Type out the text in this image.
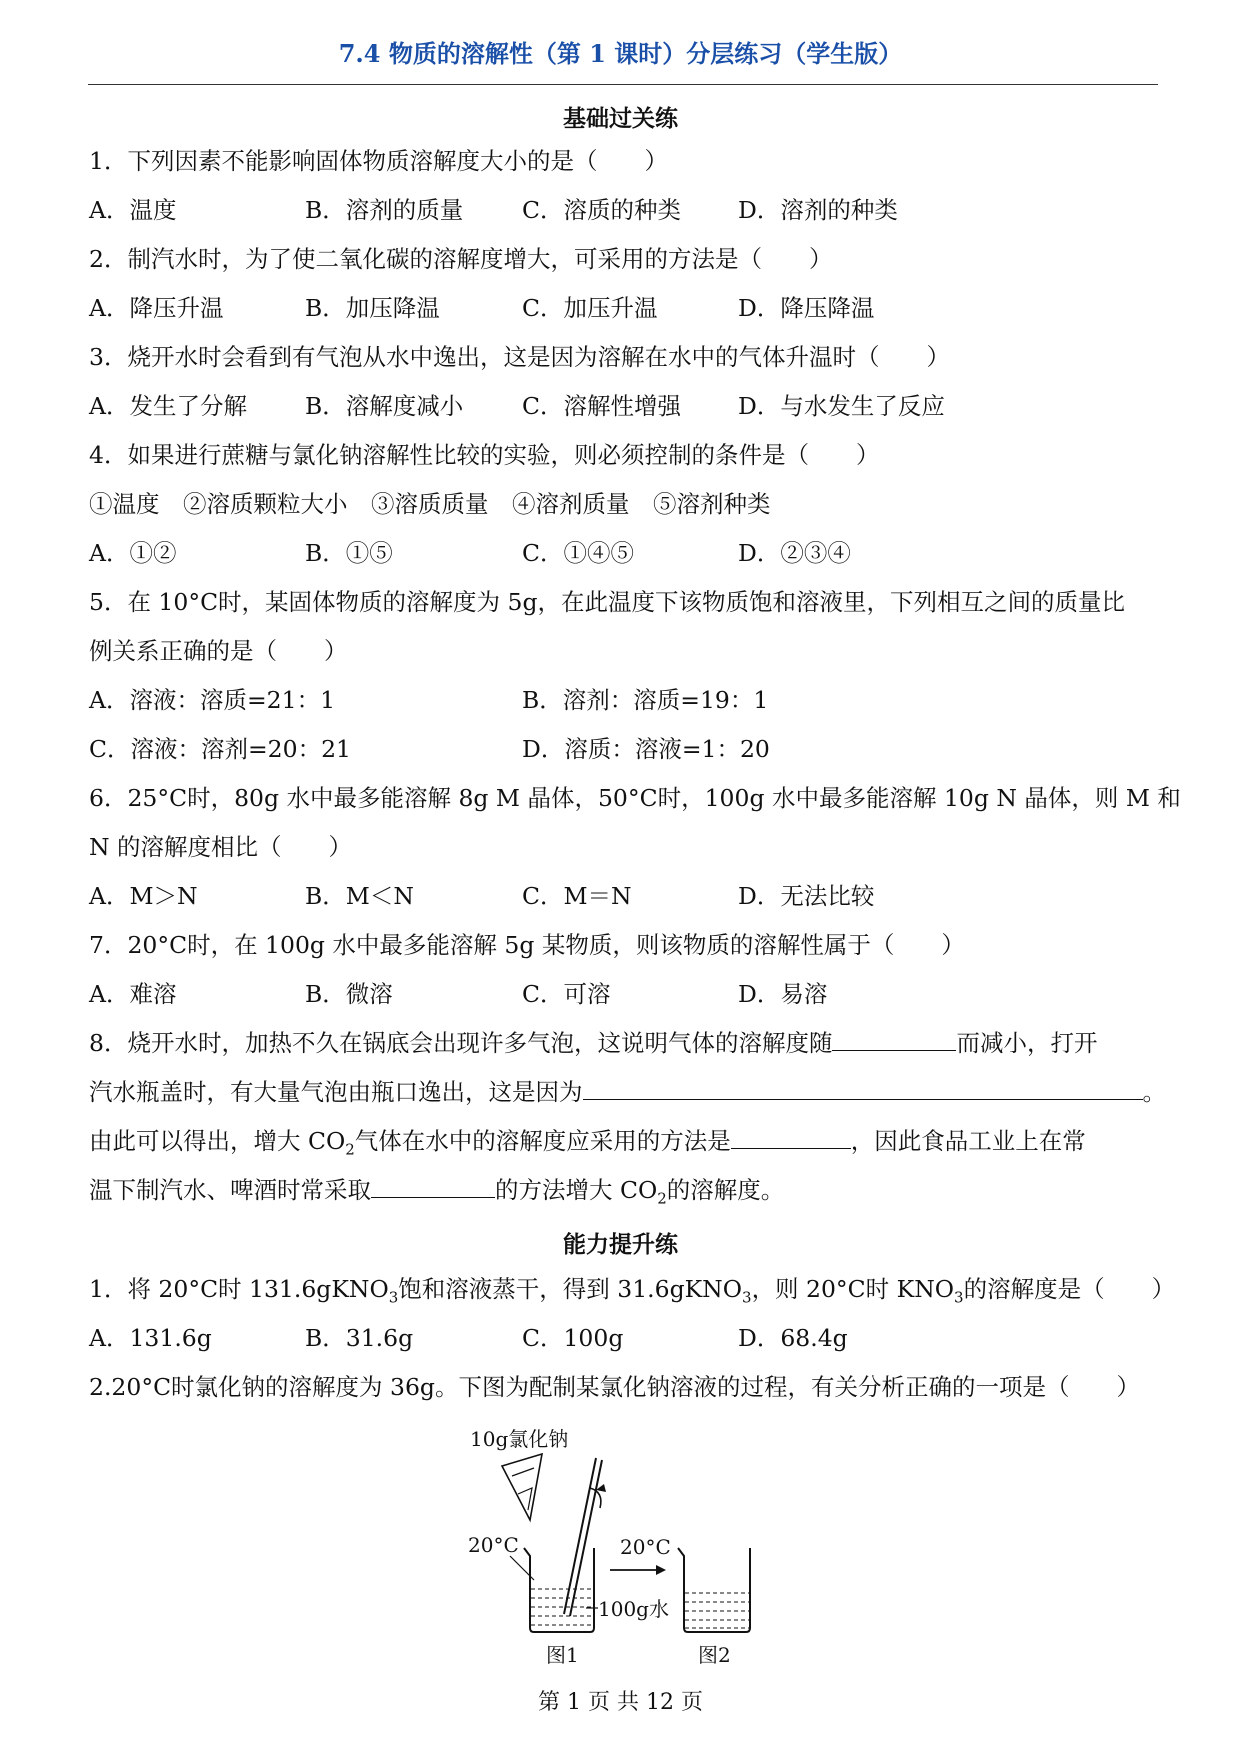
7.4 物质的溶解性（第 1 课时）分层练习（学生版）
基础过关练
1．下列因素不能影响固体物质溶解度大小的是（　　）
A．温度	B．溶剂的质量 C．溶质的种类 D．溶剂的种类
2．制汽水时，为了使二氧化碳的溶解度增大，可采用的方法是（　　）
A．降压升温	B．加压降温	C．加压升温	D．降压降温
3．烧开水时会看到有气泡从水中逸出，这是因为溶解在水中的气体升温时（　　）
A．发生了分解 B．溶解度减小 C．溶解性增强 D．与水发生了反应
4．如果进行蔗糖与氯化钠溶解性比较的实验，则必须控制的条件是（　　）
①温度　②溶质颗粒大小　③溶质质量　④溶剂质量　⑤溶剂种类
A．①②	B．①⑤	C．①④⑤	D．②③④
5．在 10°C时，某固体物质的溶解度为 5g，在此温度下该物质饱和溶液里，下列相互之间的质量比
例关系正确的是（　　）
A．溶液：溶质=21：1	B．溶剂：溶质=19：1
C．溶液：溶剂=20：21	D．溶质：溶液=1：20
6．25°C时，80g 水中最多能溶解 8g M 晶体，50°C时，100g 水中最多能溶解 10g N 晶体，则 M 和
N 的溶解度相比（　　）
A．M＞N	B．M＜N	C．M＝N	D．无法比较
7．20°C时，在 100g 水中最多能溶解 5g 某物质，则该物质的溶解性属于（　　）
A．难溶	B．微溶	C．可溶	D．易溶
8．烧开水时，加热不久在锅底会出现许多气泡，这说明气体的溶解度随	而减小，打开
汽水瓶盖时，有大量气泡由瓶口逸出，这是因为	。
由此可以得出，增大 $CO_2$气体在水中的溶解度应采用的方法是	，因此食品工业上在常
温下制汽水、啤酒时常采取	的方法增大 $CO_2$的溶解度。
能力提升练
1．将 20°C时 131.6gKNO$_3$饱和溶液蒸干，得到 31.6gKNO$_3$，则 20°C时 $KNO_3$的溶解度是（　　）
A．131.6g	B．31.6g	C．100g	D．68.4g
2.20°C时氯化钠的溶解度为 36g。下图为配制某氯化钠溶液的过程，有关分析正确的一项是（　　）
10g氯化钠
20°C
100g水
20°C
图1	图2
第 1 页 共 12 页
